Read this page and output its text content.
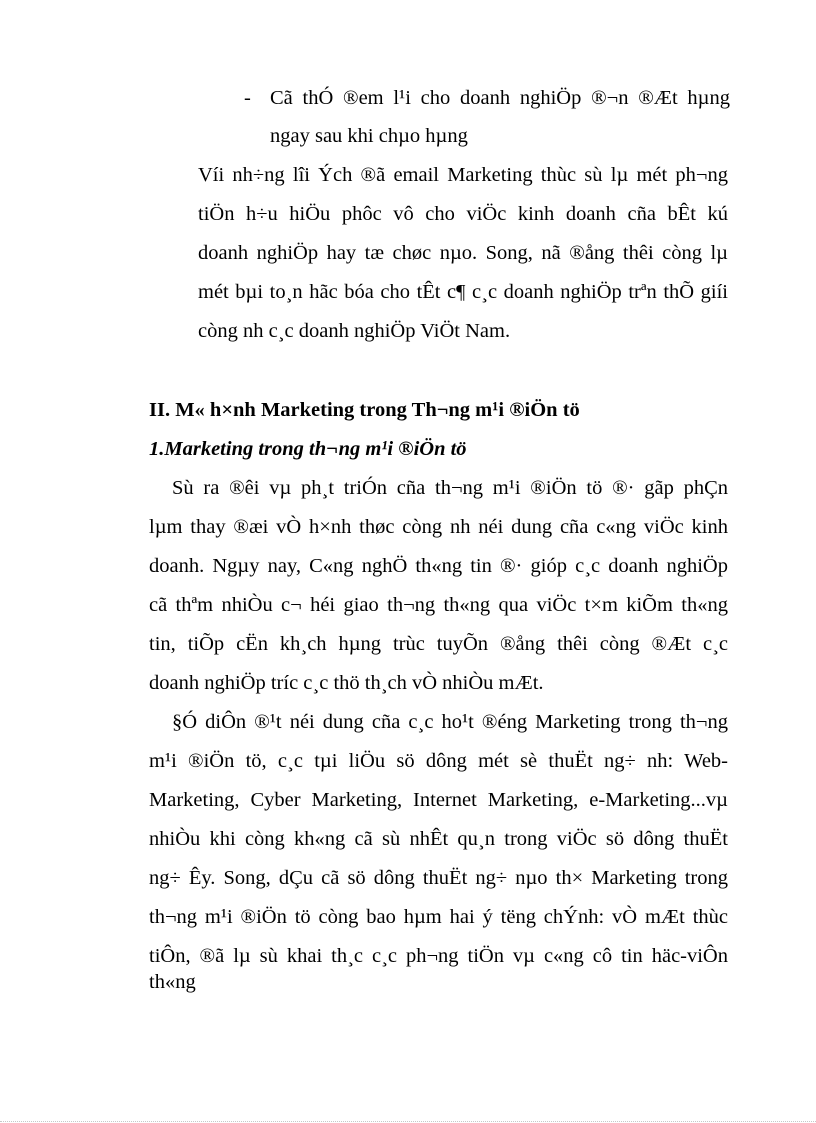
- Cã thÓ ®em l¹i cho doanh nghiÖp ®¬n ®Æt hµng
ngay sau khi chµo hµng
Víi nh÷ng lîi Ých ®ã email Marketing thùc sù lµ mét ph¬ng
tiÖn h÷u hiÖu phôc vô cho viÖc kinh doanh cña bÊt kú
doanh nghiÖp hay tæ chøc nµo. Song, nã ®ång thêi còng lµ
mét bµi to¸n hãc bóa cho tÊt c¶ c¸c doanh nghiÖp trªn thÕ giíi
còng nh c¸c doanh nghiÖp ViÖt Nam.
II. M« h×nh Marketing trong Th¬ng m¹i ®iÖn tö
1.Marketing trong th¬ng m¹i ®iÖn tö
Sù ra ®êi vµ ph¸t triÓn cña th¬ng m¹i ®iÖn tö ®· gãp phÇn
lµm thay ®æi vÒ h×nh thøc còng nh néi dung cña c«ng viÖc kinh
doanh. Ngµy nay, C«ng nghÖ th«ng tin ®· gióp c¸c doanh nghiÖp
cã thªm nhiÒu c¬ héi giao th¬ng th«ng qua viÖc t×m kiÕm th«ng
tin, tiÕp cËn kh¸ch hµng trùc tuyÕn ®ång thêi còng ®Æt c¸c
doanh nghiÖp tríc c¸c thö th¸ch vÒ nhiÒu mÆt.
§Ó diÔn ®¹t néi dung cña c¸c ho¹t ®éng Marketing trong th¬ng
m¹i ®iÖn tö, c¸c tµi liÖu sö dông mét sè thuËt ng÷ nh: Web-
Marketing, Cyber Marketing, Internet Marketing, e-Marketing...vµ
nhiÒu khi còng kh«ng cã sù nhÊt qu¸n trong viÖc sö dông thuËt
ng÷ Êy. Song, dÇu cã sö dông thuËt ng÷ nµo th× Marketing trong
th¬ng m¹i ®iÖn tö còng bao hµm hai ý tëng chÝnh: vÒ mÆt thùc
tiÔn, ®ã lµ sù khai th¸c c¸c ph¬ng tiÖn vµ c«ng cô tin häc-viÔn th«ng
